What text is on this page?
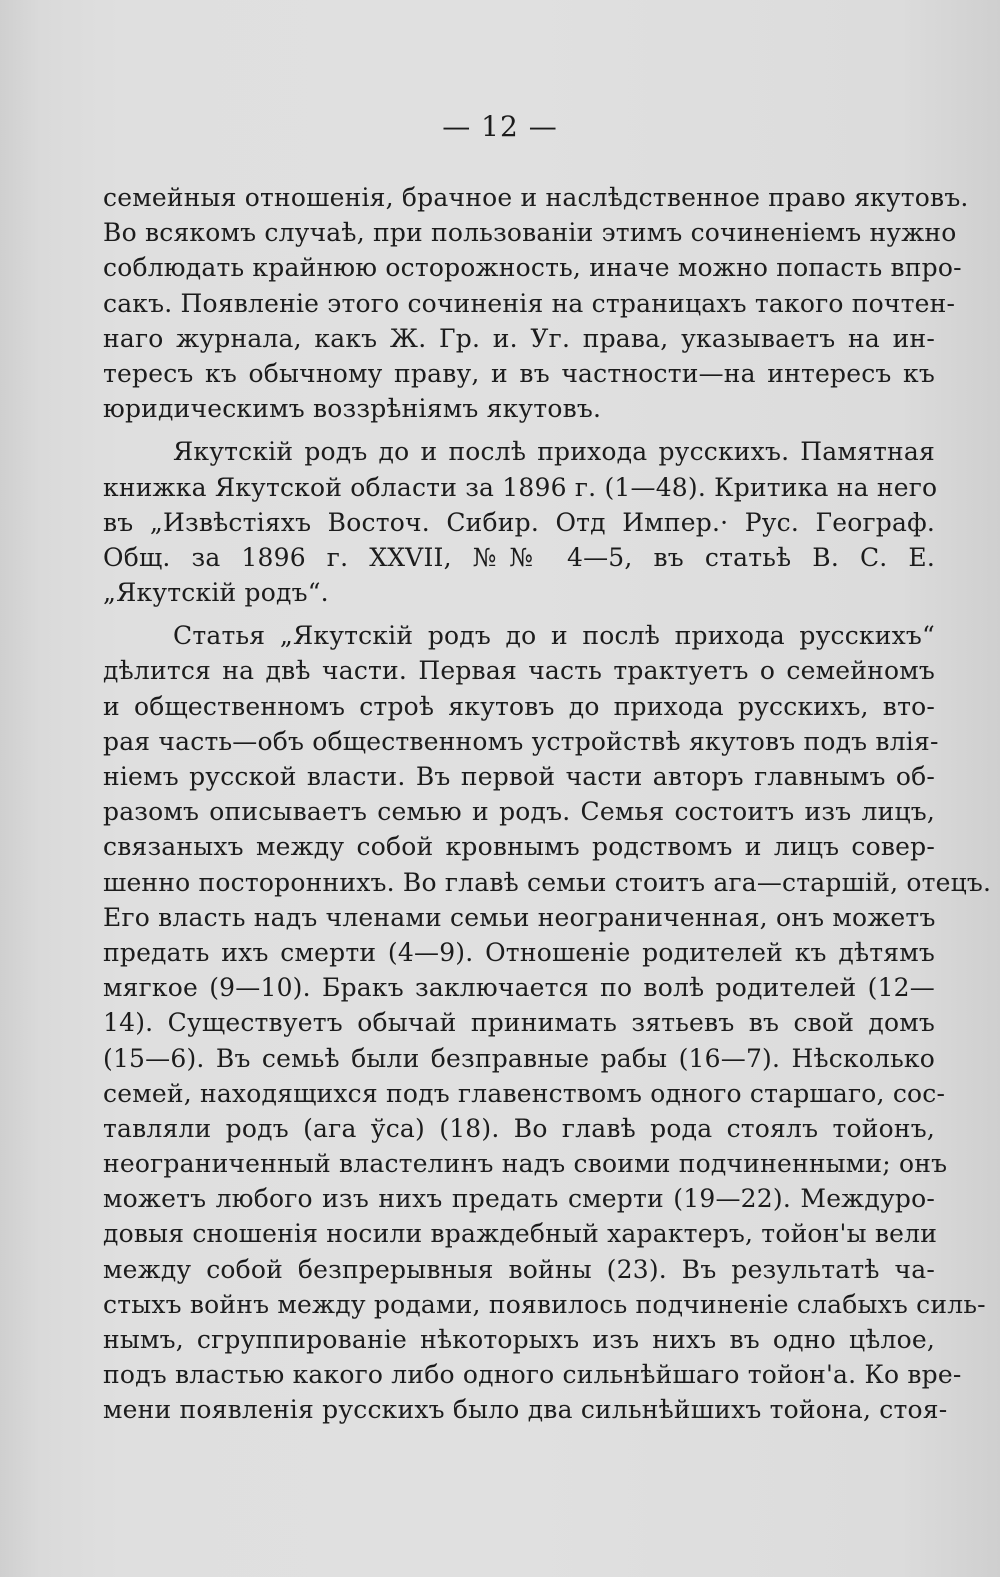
— 12 —
семейныя отношенія, брачное и наслѣдственное право якутовъ.
Во всякомъ случаѣ, при пользованіи этимъ сочиненіемъ нужно
соблюдать крайнюю осторожность, иначе можно попасть впро-
сакъ. Появленіе этого сочиненія на страницахъ такого почтен-
наго журнала, какъ Ж. Гр. и. Уг. права, указываетъ на ин-
тересъ къ обычному праву, и въ частности—на интересъ къ
юридическимъ воззрѣніямъ якутовъ.
Якутскій родъ до и послѣ прихода русскихъ. Памятная
книжка Якутской области за 1896 г. (1—48). Критика на него
въ „Извѣстіяхъ Восточ. Сибир. Отд Импер.· Рус. Географ.
Общ. за 1896 г. XXVII, №№ 4—5, въ статьѣ В. С. Е.
„Якутскій родъ“.
Статья „Якутскій родъ до и послѣ прихода русскихъ“
дѣлится на двѣ части. Первая часть трактуетъ о семейномъ
и общественномъ строѣ якутовъ до прихода русскихъ, вто-
рая часть—объ общественномъ устройствѣ якутовъ подъ влія-
ніемъ русской власти. Въ первой части авторъ главнымъ об-
разомъ описываетъ семью и родъ. Семья состоитъ изъ лицъ,
связаныхъ между собой кровнымъ родствомъ и лицъ совер-
шенно постороннихъ. Во главѣ семьи стоитъ ага—старшій, отецъ.
Его власть надъ членами семьи неограниченная, онъ можетъ
предать ихъ смерти (4—9). Отношеніе родителей къ дѣтямъ
мягкое (9—10). Бракъ заключается по волѣ родителей (12—
14). Существуетъ обычай принимать зятьевъ въ свой домъ
(15—6). Въ семьѣ были безправные рабы (16—7). Нѣсколько
семей, находящихся подъ главенствомъ одного старшаго, сос-
тавляли родъ (ага ўса) (18). Во главѣ рода стоялъ тойонъ,
неограниченный властелинъ надъ своими подчиненными; онъ
можетъ любого изъ нихъ предать смерти (19—22). Междуро-
довыя сношенія носили враждебный характеръ, тойон'ы вели
между собой безпрерывныя войны (23). Въ результатѣ ча-
стыхъ войнъ между родами, появилось подчиненіе слабыхъ силь-
нымъ, сгруппированіе нѣкоторыхъ изъ нихъ въ одно цѣлое,
подъ властью какого либо одного сильнѣйшаго тойон'а. Ко вре-
мени появленія русскихъ было два сильнѣйшихъ тойона, стоя-
